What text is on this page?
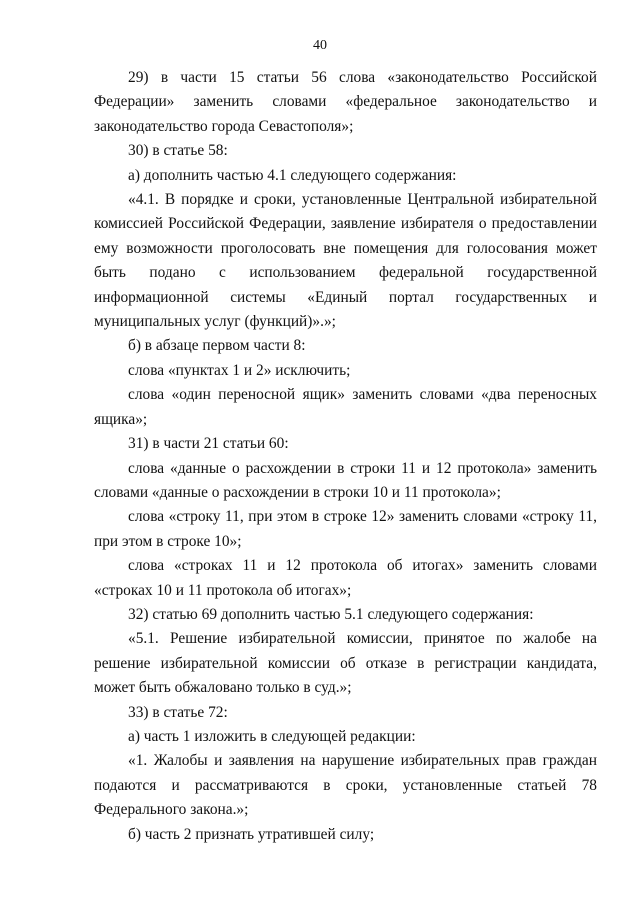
40

29) в части 15 статьи 56 слова «законодательство Российской Федерации» заменить словами «федеральное законодательство и законодательство города Севастополя»;

30) в статье 58:

а) дополнить частью 4.1 следующего содержания:

«4.1. В порядке и сроки, установленные Центральной избирательной комиссией Российской Федерации, заявление избирателя о предоставлении ему возможности проголосовать вне помещения для голосования может быть подано с использованием федеральной государственной информационной системы «Единый портал государственных и муниципальных услуг (функций)».»;

б) в абзаце первом части 8:

слова «пунктах 1 и 2» исключить;

слова «один переносной ящик» заменить словами «два переносных ящика»;

31) в части 21 статьи 60:

слова «данные о расхождении в строки 11 и 12 протокола» заменить словами «данные о расхождении в строки 10 и 11 протокола»;

слова «строку 11, при этом в строке 12» заменить словами «строку 11, при этом в строке 10»;

слова «строках 11 и 12 протокола об итогах» заменить словами «строках 10 и 11 протокола об итогах»;

32) статью 69 дополнить частью 5.1 следующего содержания:

«5.1. Решение избирательной комиссии, принятое по жалобе на решение избирательной комиссии об отказе в регистрации кандидата, может быть обжаловано только в суд.»;

33) в статье 72:

а) часть 1 изложить в следующей редакции:

«1. Жалобы и заявления на нарушение избирательных прав граждан подаются и рассматриваются в сроки, установленные статьей 78 Федерального закона.»;

б) часть 2 признать утратившей силу;
